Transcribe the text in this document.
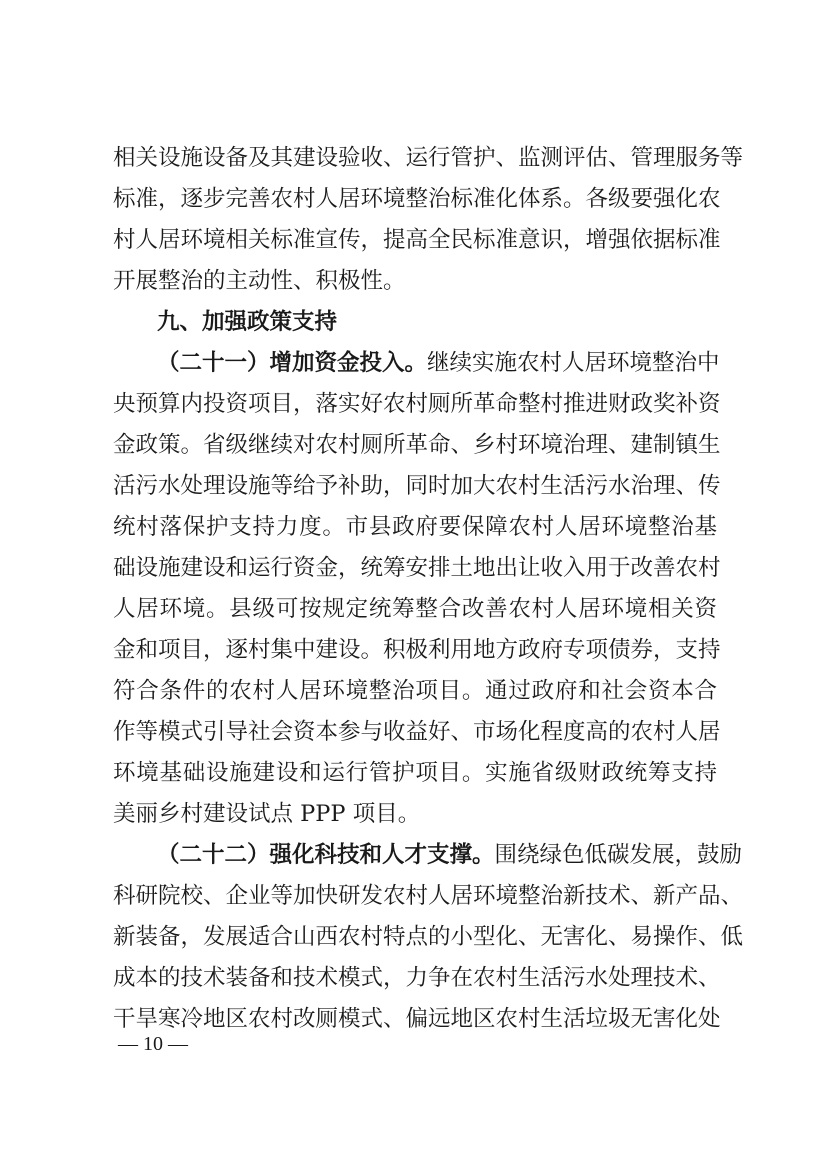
相关设施设备及其建设验收、运行管护、监测评估、管理服务等
标准，逐步完善农村人居环境整治标准化体系。各级要强化农
村人居环境相关标准宣传，提高全民标准意识，增强依据标准
开展整治的主动性、积极性。
九、加强政策支持
（二十一）增加资金投入。继续实施农村人居环境整治中
央预算内投资项目，落实好农村厕所革命整村推进财政奖补资
金政策。省级继续对农村厕所革命、乡村环境治理、建制镇生
活污水处理设施等给予补助，同时加大农村生活污水治理、传
统村落保护支持力度。市县政府要保障农村人居环境整治基
础设施建设和运行资金，统筹安排土地出让收入用于改善农村
人居环境。县级可按规定统筹整合改善农村人居环境相关资
金和项目，逐村集中建设。积极利用地方政府专项债券，支持
符合条件的农村人居环境整治项目。通过政府和社会资本合
作等模式引导社会资本参与收益好、市场化程度高的农村人居
环境基础设施建设和运行管护项目。实施省级财政统筹支持
美丽乡村建设试点 PPP 项目。
（二十二）强化科技和人才支撑。围绕绿色低碳发展，鼓励
科研院校、企业等加快研发农村人居环境整治新技术、新产品、
新装备，发展适合山西农村特点的小型化、无害化、易操作、低
成本的技术装备和技术模式，力争在农村生活污水处理技术、
干旱寒冷地区农村改厕模式、偏远地区农村生活垃圾无害化处
— 10 —
